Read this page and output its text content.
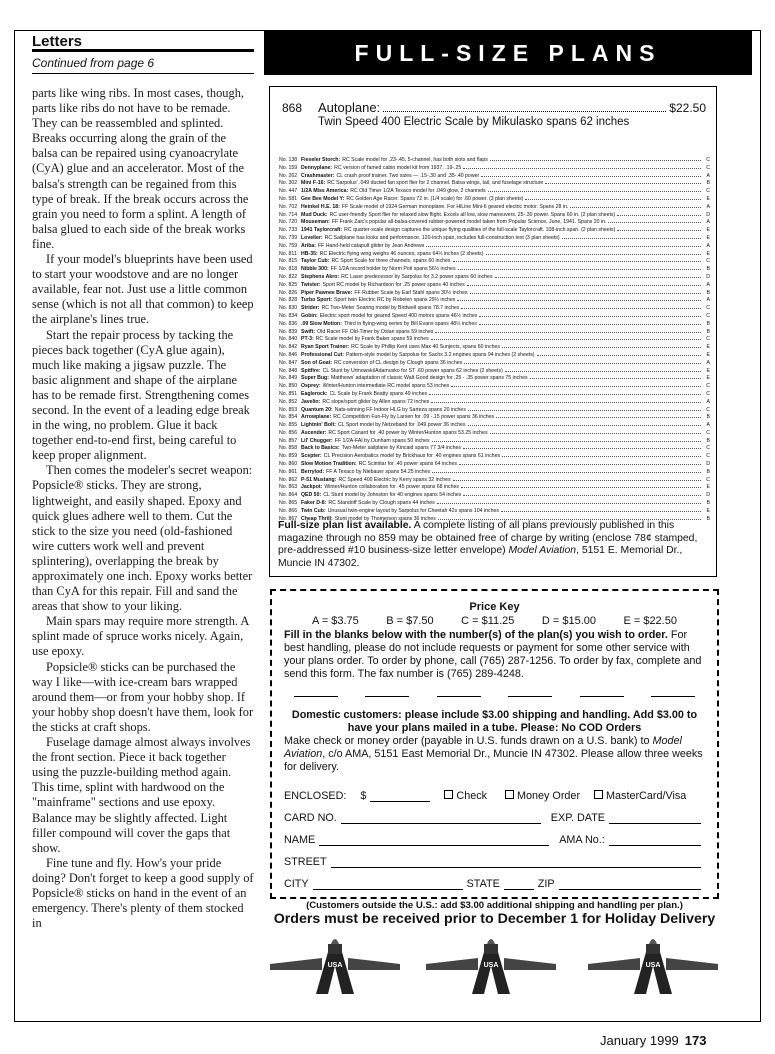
Letters
Continued from page 6

parts like wing ribs. In most cases, though, parts like ribs do not have to be remade. They can be reassembled and splinted. Breaks occurring along the grain of the balsa can be repaired using cyanoacrylate (CyA) glue and an accelerator. Most of the balsa's strength can be regained from this type of break. If the break occurs across the grain you need to form a splint. A length of balsa glued to each side of the break works fine.

If your model's blueprints have been used to start your woodstove and are no longer available, fear not. Just use a little common sense (which is not all that common) to keep the airplane's lines true.

Start the repair process by tacking the pieces back together (CyA glue again), much like making a jigsaw puzzle. The basic alignment and shape of the airplane has to be remade first. Strengthening comes second. In the event of a leading edge break in the wing, no problem. Glue it back together end-to-end first, being careful to keep proper alignment.

Then comes the modeler's secret weapon: Popsicle® sticks. They are strong, lightweight, and easily shaped. Epoxy and quick glues adhere well to them. Cut the stick to the size you need (old-fashioned wire cutters work well and prevent splintering), overlapping the break by approximately one inch. Epoxy works better than CyA for this repair. Fill and sand the areas that show to your liking.

Main spars may require more strength. A splint made of spruce works nicely. Again, use epoxy.

Popsicle® sticks can be purchased the way I like—with ice-cream bars wrapped around them—or from your hobby shop. If your hobby shop doesn't have them, look for the sticks at craft shops.

Fuselage damage almost always involves the front section. Piece it back together using the puzzle-building method again. This time, splint with hardwood on the "mainframe" sections and use epoxy. Balance may be slightly affected. Light filler compound will cover the gaps that show.

Fine tune and fly. How's your pride doing? Don't forget to keep a good supply of Popsicle® sticks on hand in the event of an emergency. There's plenty of them stocked in

FULL-SIZE PLANS
868	Autoplane:	$22.50
Twin Speed 400 Electric Scale by Mikulasko spans 62 inches
No. 138 Fieseler Storch: RC Scale model for .23-.45, 5-channel, has both slots and flaps	C
No. 159 Dennyplane: RC version of famed cabin model kit from 1937, .19-.25	C
No. 262 Crashmaster: CL crash proof trainer. Two sizes — .15-.30 and .35-.40 power	A
No. 302 Mini F-16: RC Sarpolus' .049 ducted fan sport flier for 2 channel. Balsa wings, tail, and fuselage structure	B
No. 447 1/2A Miss America: RC Old Timer 1/2A Texaco model for .049 glow, 2 channels	C
No. 581 Gee Bee Model Y: RC Golden Age Racer. Spans 72 in. (1/4 scale) for .60 power. (3 plan sheets)	E
No. 702 Heinkel H.E. 18: FF Scale model of 1924 German monoplane. For HiLine Mini-6 geared electric motor. Spans 28 in.	A
No. 714 Mud Duck: RC user-friendly Sport flier for relaxed slow flight. Excels all low, slow maneuvers. 25-.30 power. Spans 60 in. (2 plan sheets)	D
No. 720 Mouseman: FF Frank Zaic's popular all-balsa-covered rubber-powered model taken from Popular Science, June, 1941. Spans 20 in.	A
No. 733 1941 Taylorcraft: RC quarter-scale design captures the unique flying qualities of the full-scale Taylorcraft. 108-inch span. (2 plan sheets)	E
No. 739 Lovelier: RC Sailplane has looks and performance. 120-inch span, includes full-construction text (3 plan sheets)	E
No. 759 Ariba: FF Hand-held catapult glider by Jean Andrews	A
No. 811 HB-35: RC Electric flying wing weighs 46 ounces, spans 64½ inches (2 sheets)	E
No. 815 Taylor Cub: RC Sport Scale for three channels, spans 60 inches	C
No. 818 Nibble 300: FF 1/2A record holder by Norm Poti spans 56½ inches	B
No. 822 Stephens Akro: RC Laser predecessor by Sarpolus for 3.2 power spans 60 inches	D
No. 825 Twister: Sport RC model by Richardson for .25 power spans 40 inches	A
No. 826 Piper Pawnee Brave: FF Rubber Scale by Earl Stahl spans 30½ inches	B
No. 828 Turbo Sport: Sport twin Electric RC by Robelen spans 29½ inches	A
No. 830 Strider: RC Two-Meter Soaring model by Birdwell spans 78.7 inches	C
No. 834 Gobin: Electric sport model for geared Speed 400 motors spans 46½ inches	C
No. 836 .09 Slow Motion: Third in flying-wing series by Bill Evans spans 48½ inches	B
No. 839 Swift: Old Racer FF Old-Timer by Oxlan spans 59 inches	B
No. 840 PT-3: RC Scale model by Frank Baker spans 59 inches	C
No. 842 Ryan Sport Trainer: RC Scale by Phillip Kent uses Max 40 Sunjects, spans 60 inches	E
No. 846 Professional Cut: Pattern-style model by Sarpolus for Sachs 3.2 engines spans 94 inches (2 sheets)	E
No. 847 Son of Goat: RC conversion of CL design by Clough spans 36 inches	A
No. 848 Spitfire: CL Stunt by Urtnowski/Adamusko for ST .60 power spans 62 inches (2 sheets)	E
No. 849 Super Bug: Matthews' adaptation of classic Walt Good design for .25 - .35 power spans 75 inches	E
No. 850 Osprey: Winter/Hunton intermediate RC model spans 53 inches	C
No. 851 Eaglerock: CL Scale by Frank Beatty spans 49 inches	C
No. 852 Javelin: RC slope/sport glider by Allen spans 72 inches	A
No. 853 Quantum 20: Nats-winning FF Indoor HLG by Sarteza spans 20 inches	C
No. 854 Arrowplane: RC Competition Fun-Fly by Larsen for .09 -.15 power spans 36 inches	B
No. 855 Lightnin' Bolt: CL Sport model by Netzeband for .049 power 36 inches	A
No. 856 Ascender: RC Sport Canard for .40 power by Winter/Hunton spans 53.25 inches	C
No. 857 Lil' Chugger: FF 1/2A-FAI by Dunham spans 50 inches	B
No. 858 Back to Basics: Two-Meter sailplane by Kincaid spans 77 3/4 inches	C
No. 859 Scepter: CL Precision Aerobatics model by Brickhaus for .40 engines spans 61 inches	C
No. 860 Slow Motion Tradition: RC Scimitar for .40 power spans 64 inches	D
No. 861 Berrylod: FF A Texaco by Niebauer spans 54.25 inches	B
No. 862 P-51 Mustang: RC Speed 400 Electric by Kerry spans 32 inches	C
No. 863 Jackpot: Winter/Hunton collaboration for .45 power spans 68 inches	E
No. 864 QED 50: CL Stunt model by Johnston for 40 engines spans 54 inches	D
No. 865 Faker D-8: RC Standoff Scale by Clough spans 44 inches	B
No. 866 Twin Cub: Unusual twin-engine layout by Sarpolus for Cheetah 42s spans 104 inches	E
No. 867 Cheap Thrill: Stunt model by Thomerson spans 36 inches	B
Full-size plan list available. A complete listing of all plans previously published in this magazine through no 859 may be obtained free of charge by writing (enclose 78¢ stamped, pre-addressed #10 business-size letter envelope) Model Aviation, 5151 E. Memorial Dr., Muncie IN 47302.
Price Key
A = $3.75 B = $7.50 C = $11.25 D = $15.00 E = $22.50
Fill in the blanks below with the number(s) of the plan(s) you wish to order. For best handling, please do not include requests or payment for some other service with your plans order. To order by phone, call (765) 287-1256. To order by fax, complete and send this form. The fax number is (765) 289-4248.
Domestic customers: please include $3.00 shipping and handling. Add $3.00 to have your plans mailed in a tube. Please: No COD Orders
Make check or money order (payable in U.S. funds drawn on a U.S. bank) to Model Aviation, c/o AMA, 5151 East Memorial Dr., Muncie IN 47302. Please allow three weeks for delivery.
ENCLOSED: $	Check	Money Order	MasterCard/Visa
CARD NO.	EXP. DATE
NAME	AMA No.:
STREET
CITY	STATE	ZIP
(Customers outside the U.S.: add $3.00 additional shipping and handling per plan.)
Orders must be received prior to December 1 for Holiday Delivery
USA	USA	USA
January 1999 173
